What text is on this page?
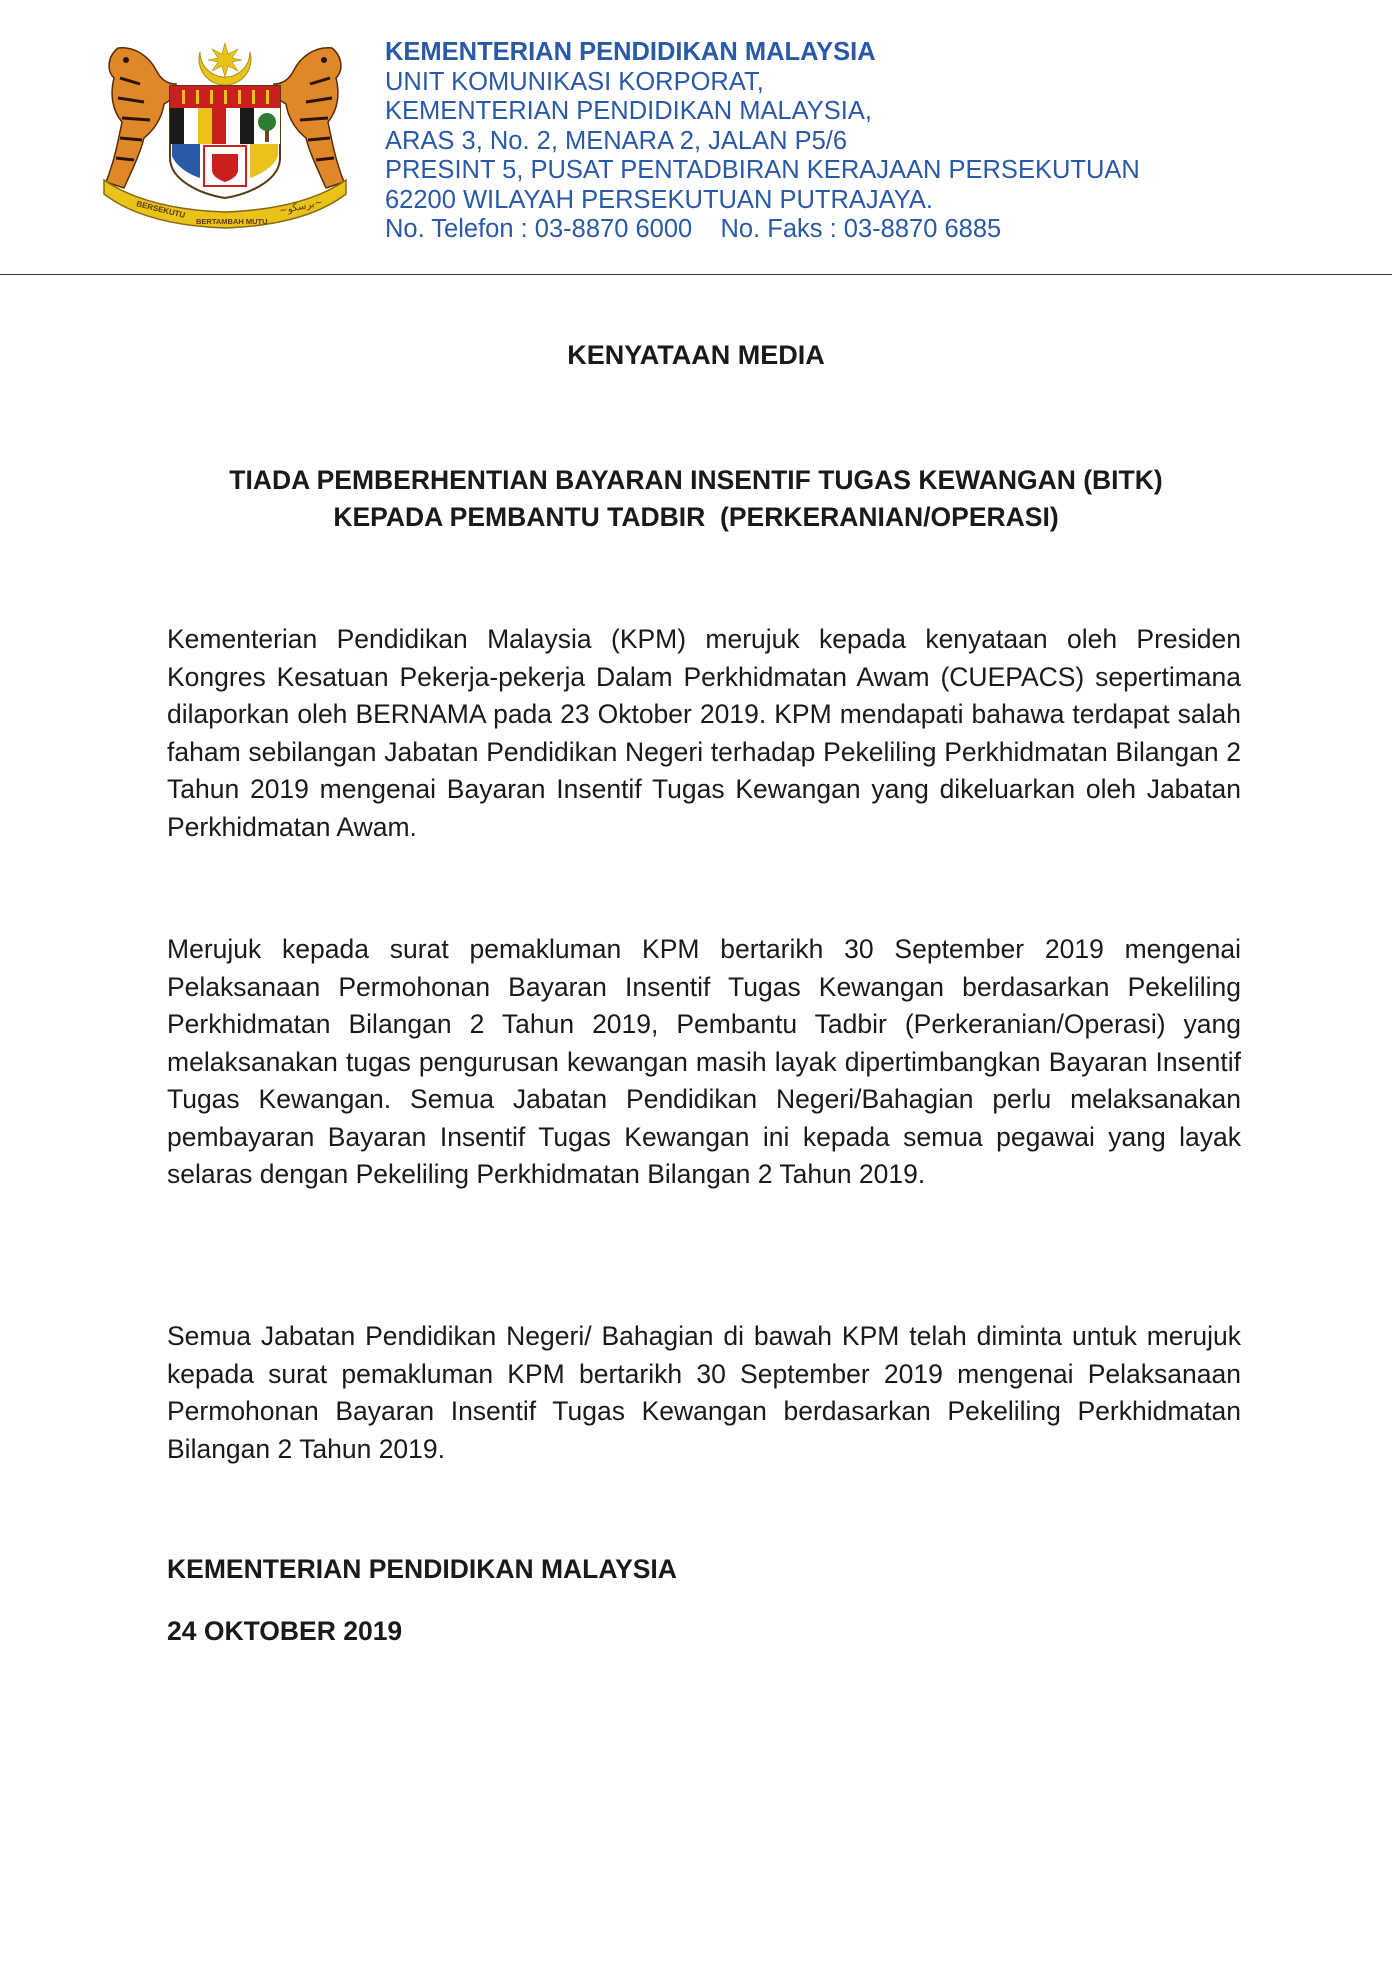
BERSEKUTU
BERTAMBAH MUTU
~ﺑﺮﺳﻜﻮ~
KEMENTERIAN PENDIDIKAN MALAYSIA
UNIT KOMUNIKASI KORPORAT,
KEMENTERIAN PENDIDIKAN MALAYSIA,
ARAS 3, No. 2, MENARA 2, JALAN P5/6
PRESINT 5, PUSAT PENTADBIRAN KERAJAAN PERSEKUTUAN
62200 WILAYAH PERSEKUTUAN PUTRAJAYA.
No. Telefon : 03-8870 6000    No. Faks : 03-8870 6885
KENYATAAN MEDIA
TIADA PEMBERHENTIAN BAYARAN INSENTIF TUGAS KEWANGAN (BITK)
KEPADA PEMBANTU TADBIR  (PERKERANIAN/OPERASI)
Kementerian Pendidikan Malaysia (KPM) merujuk kepada kenyataan oleh Presiden Kongres Kesatuan Pekerja-pekerja Dalam Perkhidmatan Awam (CUEPACS) sepertimana dilaporkan oleh BERNAMA pada 23 Oktober 2019. KPM mendapati bahawa terdapat salah faham sebilangan Jabatan Pendidikan Negeri terhadap Pekeliling Perkhidmatan Bilangan 2 Tahun 2019 mengenai Bayaran Insentif Tugas Kewangan yang dikeluarkan oleh Jabatan Perkhidmatan Awam.
Merujuk kepada surat pemakluman KPM bertarikh 30 September 2019 mengenai Pelaksanaan Permohonan Bayaran Insentif Tugas Kewangan berdasarkan Pekeliling Perkhidmatan Bilangan 2 Tahun 2019, Pembantu Tadbir (Perkeranian/Operasi) yang melaksanakan tugas pengurusan kewangan masih layak dipertimbangkan Bayaran Insentif Tugas Kewangan. Semua Jabatan Pendidikan Negeri/Bahagian perlu melaksanakan pembayaran Bayaran Insentif Tugas Kewangan ini kepada semua pegawai yang layak selaras dengan Pekeliling Perkhidmatan Bilangan 2 Tahun 2019.
Semua Jabatan Pendidikan Negeri/ Bahagian di bawah KPM telah diminta untuk merujuk kepada surat pemakluman KPM bertarikh 30 September 2019 mengenai Pelaksanaan Permohonan Bayaran Insentif Tugas Kewangan berdasarkan Pekeliling Perkhidmatan Bilangan 2 Tahun 2019.
KEMENTERIAN PENDIDIKAN MALAYSIA
24 OKTOBER 2019
